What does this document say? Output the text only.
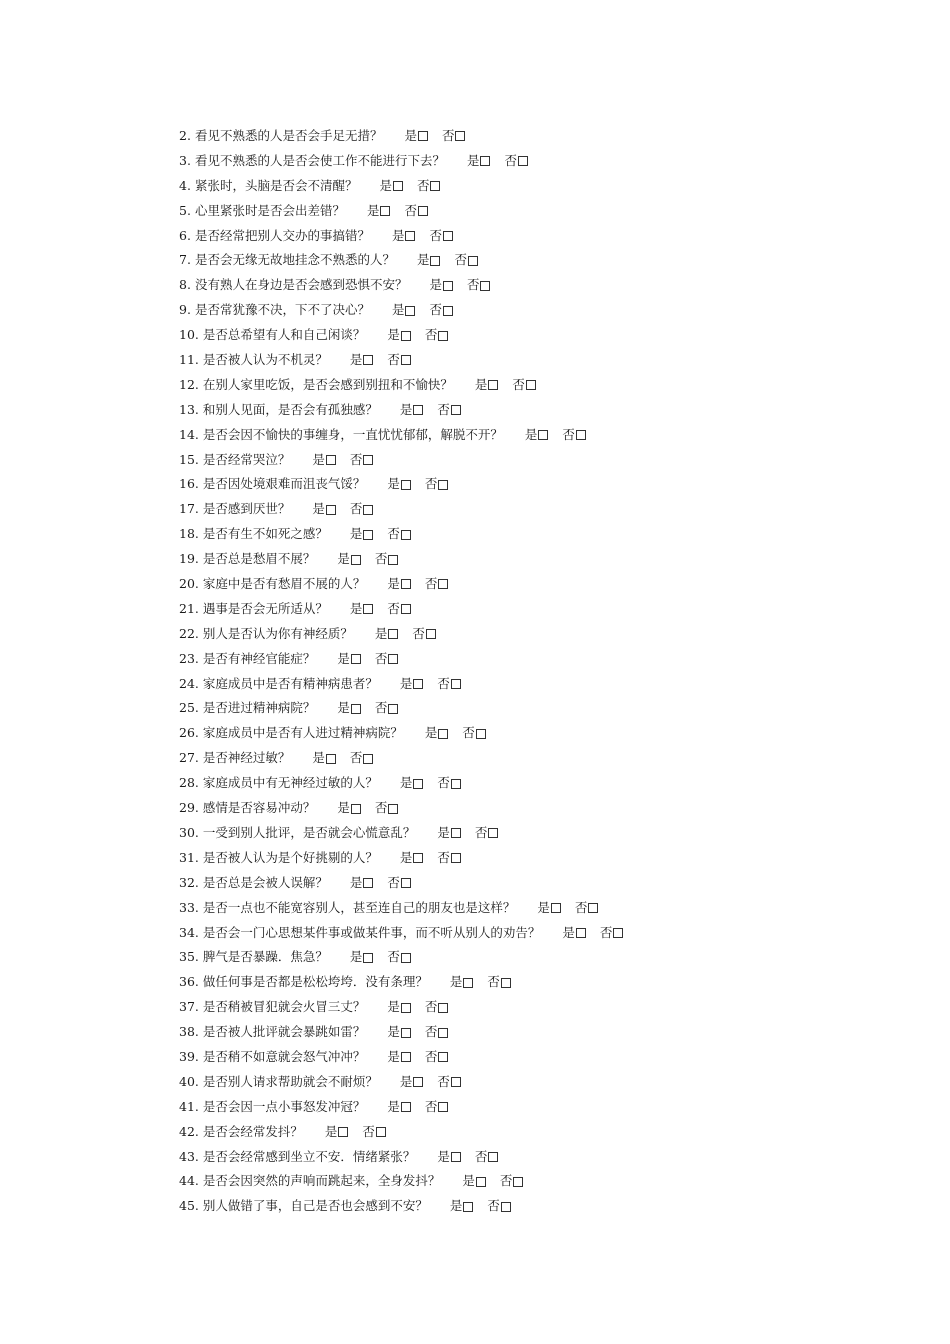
2. 看见不熟悉的人是否会手足无措？ 是 否
3. 看见不熟悉的人是否会使工作不能进行下去？ 是 否
4. 紧张时，头脑是否会不清醒？ 是 否
5. 心里紧张时是否会出差错？ 是 否
6. 是否经常把别人交办的事搞错？ 是 否
7. 是否会无缘无故地挂念不熟悉的人？ 是 否
8. 没有熟人在身边是否会感到恐惧不安？ 是 否
9. 是否常犹豫不决，下不了决心？ 是 否
10. 是否总希望有人和自己闲谈？ 是 否
11. 是否被人认为不机灵？ 是 否
12. 在别人家里吃饭，是否会感到别扭和不愉快？ 是 否
13. 和别人见面，是否会有孤独感？ 是 否
14. 是否会因不愉快的事缠身，一直忧忧郁郁，解脱不开？ 是 否
15. 是否经常哭泣？ 是 否
16. 是否因处境艰难而沮丧气馁？ 是 否
17. 是否感到厌世？ 是 否
18. 是否有生不如死之感？ 是 否
19. 是否总是愁眉不展？ 是 否
20. 家庭中是否有愁眉不展的人？ 是 否
21. 遇事是否会无所适从？ 是 否
22. 别人是否认为你有神经质？ 是 否
23. 是否有神经官能症？ 是 否
24. 家庭成员中是否有精神病患者？ 是 否
25. 是否进过精神病院？ 是 否
26. 家庭成员中是否有人进过精神病院？ 是 否
27. 是否神经过敏？ 是 否
28. 家庭成员中有无神经过敏的人？ 是 否
29. 感情是否容易冲动？ 是 否
30. 一受到别人批评，是否就会心慌意乱？ 是 否
31. 是否被人认为是个好挑剔的人？ 是 否
32. 是否总是会被人误解？ 是 否
33. 是否一点也不能宽容别人，甚至连自己的朋友也是这样？ 是 否
34. 是否会一门心思想某件事或做某件事，而不听从别人的劝告？ 是 否
35. 脾气是否暴躁．焦急？ 是 否
36. 做任何事是否都是松松垮垮．没有条理？ 是 否
37. 是否稍被冒犯就会火冒三丈？ 是 否
38. 是否被人批评就会暴跳如雷？ 是 否
39. 是否稍不如意就会怒气冲冲？ 是 否
40. 是否别人请求帮助就会不耐烦？ 是 否
41. 是否会因一点小事怒发冲冠？ 是 否
42. 是否会经常发抖？ 是 否
43. 是否会经常感到坐立不安．情绪紧张？ 是 否
44. 是否会因突然的声响而跳起来，全身发抖？ 是 否
45. 别人做错了事，自己是否也会感到不安？ 是 否
